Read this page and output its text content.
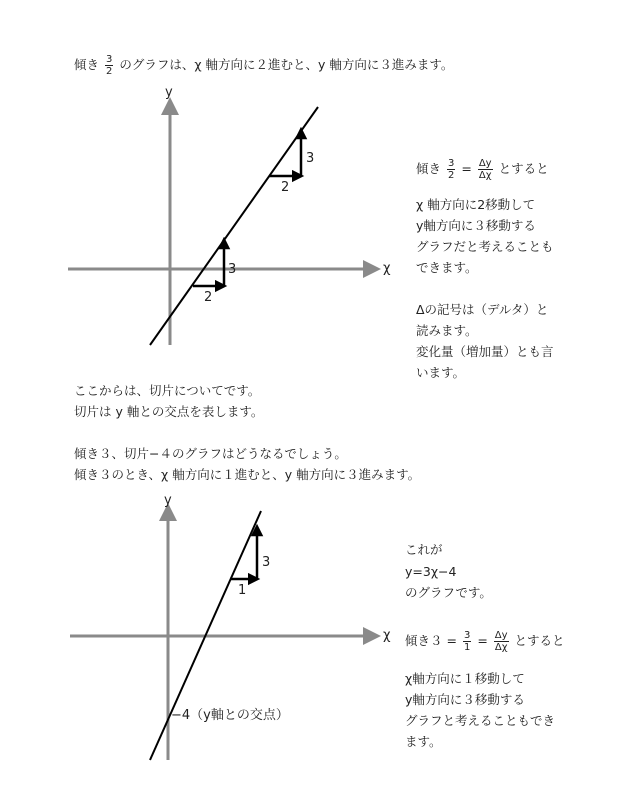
傾き $\frac{3}{2}$ のグラフは、χ 軸方向に２進むと、y 軸方向に３進みます。
y
χ
2
3
2
3
傾き $\frac{3}{2} = \frac{\Delta y}{\Delta\chi}$ とすると
χ 軸方向に2移動して
y軸方向に３移動する
グラフだと考えることも
できます。
Δの記号は（デルタ）と
読みます。
変化量（増加量）とも言
います。
ここからは、切片についてです。
切片は y 軸との交点を表します。
傾き３、切片−４のグラフはどうなるでしょう。
傾き３のとき、χ 軸方向に１進むと、y 軸方向に３進みます。
y
χ
1
3
−4（y軸との交点）
これが
y=3χ−4
のグラフです。
傾き$3 = \frac{3}{1} = \frac{\Delta y}{\Delta\chi}$ とすると
χ軸方向に１移動して
y軸方向に３移動する
グラフと考えることもでき
ます。
